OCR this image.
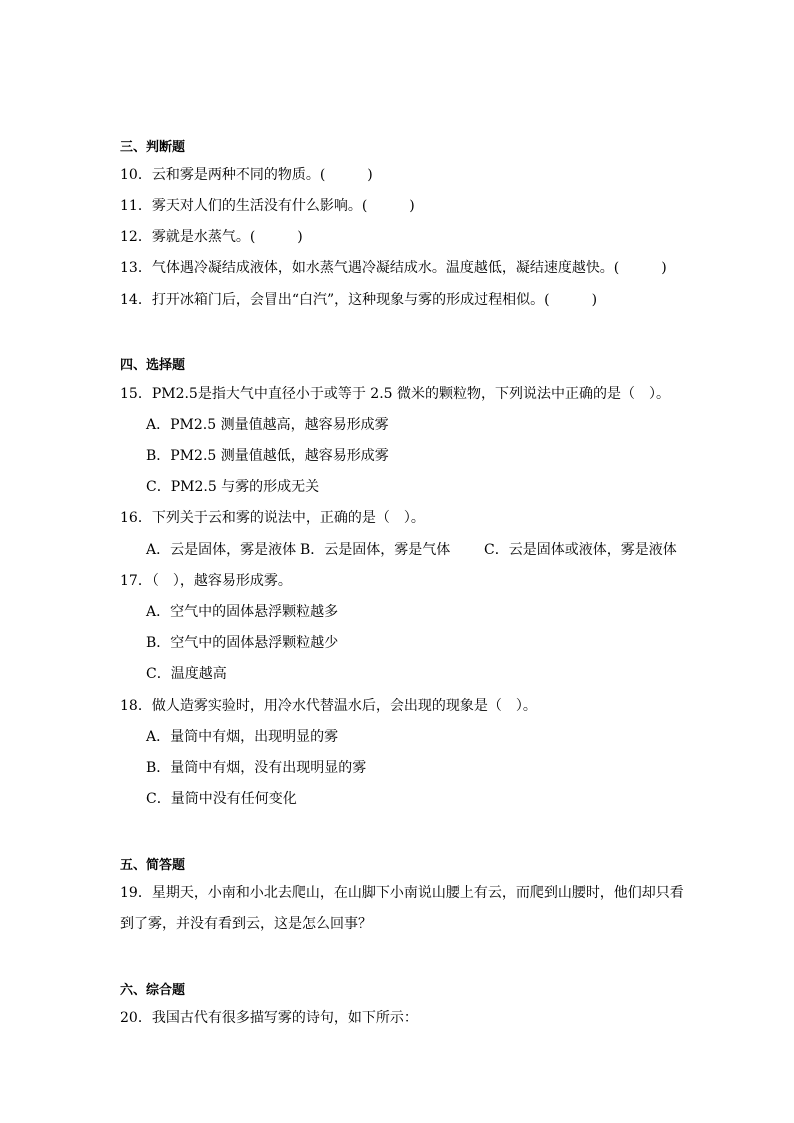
三、判断题
10．云和雾是两种不同的物质。(　　　)
11．雾天对人们的生活没有什么影响。(　　　)
12．雾就是水蒸气。(　　　)
13．气体遇冷凝结成液体，如水蒸气遇冷凝结成水。温度越低，凝结速度越快。(　　　)
14．打开冰箱门后，会冒出“白汽”，这种现象与雾的形成过程相似。(　　　)
四、选择题
15．PM2.5是指大气中直径小于或等于 2.5 微米的颗粒物，下列说法中正确的是（　）。
A．PM2.5 测量值越高，越容易形成雾
B．PM2.5 测量值越低，越容易形成雾
C．PM2.5 与雾的形成无关
16．下列关于云和雾的说法中，正确的是（　）。
A．云是固体，雾是液体 B．云是固体，雾是气体 C．云是固体或液体，雾是液体
17．（　），越容易形成雾。
A．空气中的固体悬浮颗粒越多
B．空气中的固体悬浮颗粒越少
C．温度越高
18．做人造雾实验时，用冷水代替温水后，会出现的现象是（　）。
A．量筒中有烟，出现明显的雾
B．量筒中有烟，没有出现明显的雾
C．量筒中没有任何变化
五、简答题
19．星期天，小南和小北去爬山，在山脚下小南说山腰上有云，而爬到山腰时，他们却只看
到了雾，并没有看到云，这是怎么回事？
六、综合题
20．我国古代有很多描写雾的诗句，如下所示：
